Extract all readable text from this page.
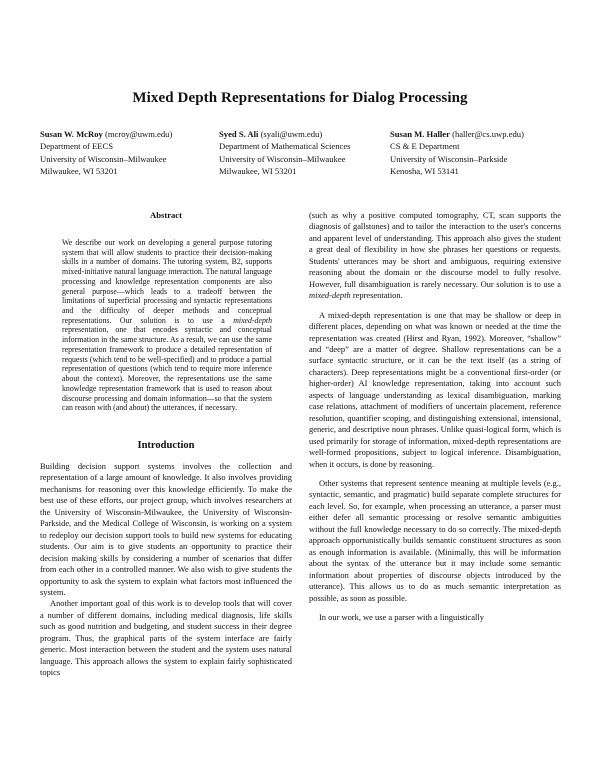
Mixed Depth Representations for Dialog Processing
Susan W. McRoy (mcroy@uwm.edu)
Department of EECS
University of Wisconsin–Milwaukee
Milwaukee, WI 53201
Syed S. Ali (syali@uwm.edu)
Department of Mathematical Sciences
University of Wisconsin–Milwaukee
Milwaukee, WI 53201
Susan M. Haller (haller@cs.uwp.edu)
CS & E Department
University of Wisconsin–Parkside
Kenosha, WI 53141
Abstract
We describe our work on developing a general purpose tutoring system that will allow students to practice their decision-making skills in a number of domains. The tutoring system, B2, supports mixed-initiative natural language interaction. The natural language processing and knowledge representation components are also general purpose—which leads to a tradeoff between the limitations of superficial processing and syntactic representations and the difficulty of deeper methods and conceptual representations. Our solution is to use a mixed-depth representation, one that encodes syntactic and conceptual information in the same structure. As a result, we can use the same representation framework to produce a detailed representation of requests (which tend to be well-specified) and to produce a partial representation of questions (which tend to require more inference about the context). Moreover, the representations use the same knowledge representation framework that is used to reason about discourse processing and domain information—so that the system can reason with (and about) the utterances, if necessary.
Introduction

Building decision support systems involves the collection and representation of a large amount of knowledge. It also involves providing mechanisms for reasoning over this knowledge efficiently. To make the best use of these efforts, our project group, which involves researchers at the University of Wisconsin-Milwaukee, the University of Wisconsin-Parkside, and the Medical College of Wisconsin, is working on a system to redeploy our decision support tools to build new systems for educating students. Our aim is to give students an opportunity to practice their decision making skills by considering a number of scenarios that differ from each other in a controlled manner. We also wish to give students the opportunity to ask the system to explain what factors most influenced the system.

Another important goal of this work is to develop tools that will cover a number of different domains, including medical diagnosis, life skills such as good nutrition and budgeting, and student success in their degree program. Thus, the graphical parts of the system interface are fairly generic. Most interaction between the student and the system uses natural language. This approach allows the system to explain fairly sophisticated topics

(such as why a positive computed tomography, CT, scan supports the diagnosis of gallstones) and to tailor the interaction to the user's concerns and apparent level of understanding. This approach also gives the student a great deal of flexibility in how she phrases her questions or requests. Students' utterances may be short and ambiguous, requiring extensive reasoning about the domain or the discourse model to fully resolve. However, full disambiguation is rarely necessary. Our solution is to use a mixed-depth representation.

A mixed-depth representation is one that may be shallow or deep in different places, depending on what was known or needed at the time the representation was created (Hirst and Ryan, 1992). Moreover, “shallow” and “deep” are a matter of degree. Shallow representations can be a surface syntactic structure, or it can be the text itself (as a string of characters). Deep representations might be a conventional first-order (or higher-order) AI knowledge representation, taking into account such aspects of language understanding as lexical disambiguation, marking case relations, attachment of modifiers of uncertain placement, reference resolution, quantifier scoping, and distinguishing extensional, intensional, generic, and descriptive noun phrases. Unlike quasi-logical form, which is used primarily for storage of information, mixed-depth representations are well-formed propositions, subject to logical inference. Disambiguation, when it occurs, is done by reasoning.

Other systems that represent sentence meaning at multiple levels (e.g., syntactic, semantic, and pragmatic) build separate complete structures for each level. So, for example, when processing an utterance, a parser must either defer all semantic processing or resolve semantic ambiguities without the full knowledge necessary to do so correctly. The mixed-depth approach opportunistically builds semantic constituent structures as soon as enough information is available. (Minimally, this will be information about the syntax of the utterance but it may include some semantic information about properties of discourse objects introduced by the utterance). This allows us to do as much semantic interpretation as possible, as soon as possible.

In our work, we use a parser with a linguistically
